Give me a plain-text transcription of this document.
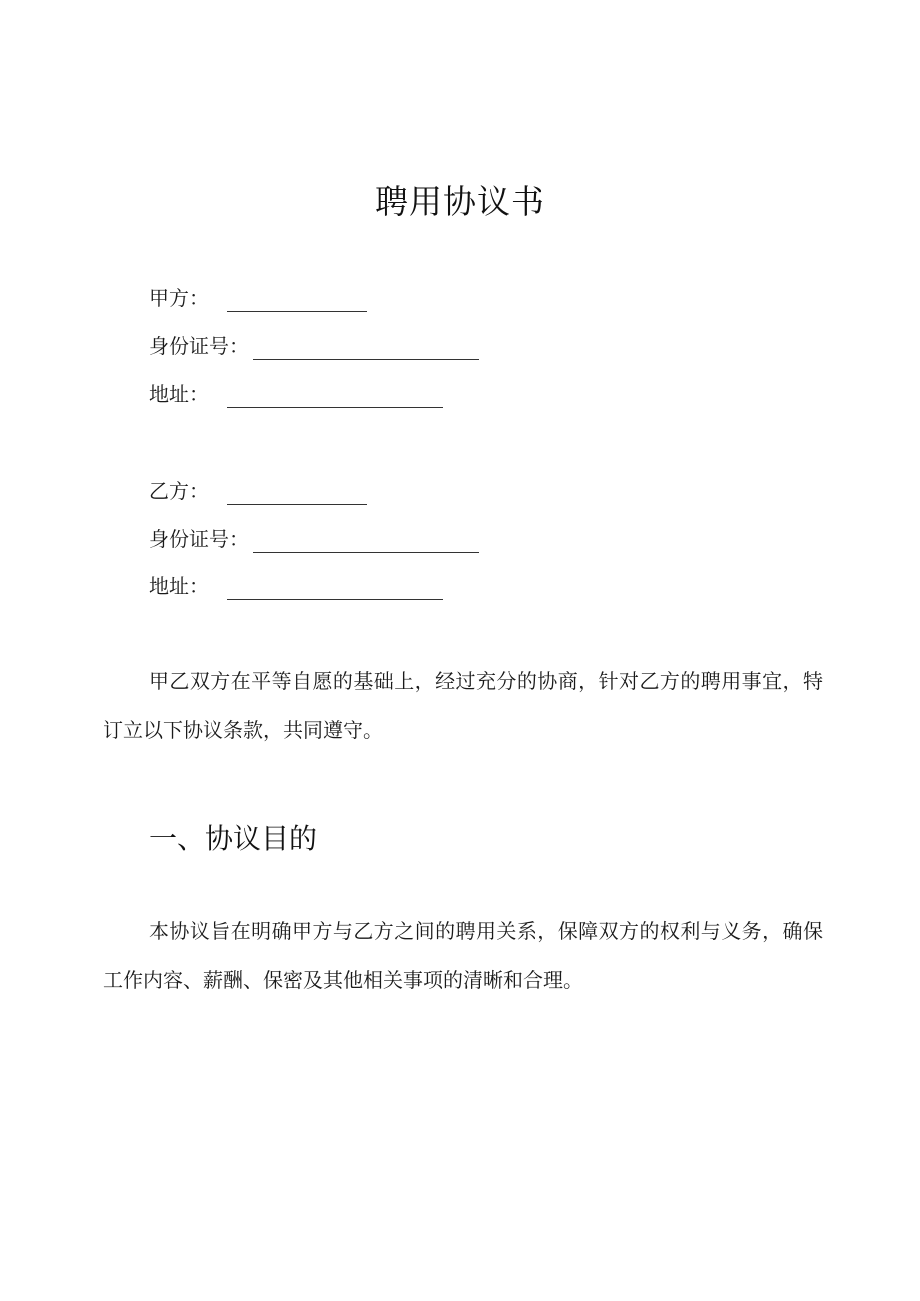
聘用协议书
甲方：
身份证号：
地址：
乙方：
身份证号：
地址：

甲乙双方在平等自愿的基础上，经过充分的协商，针对乙方的聘用事宜，特订立以下协议条款，共同遵守。

一、协议目的

本协议旨在明确甲方与乙方之间的聘用关系，保障双方的权利与义务，确保工作内容、薪酬、保密及其他相关事项的清晰和合理。
